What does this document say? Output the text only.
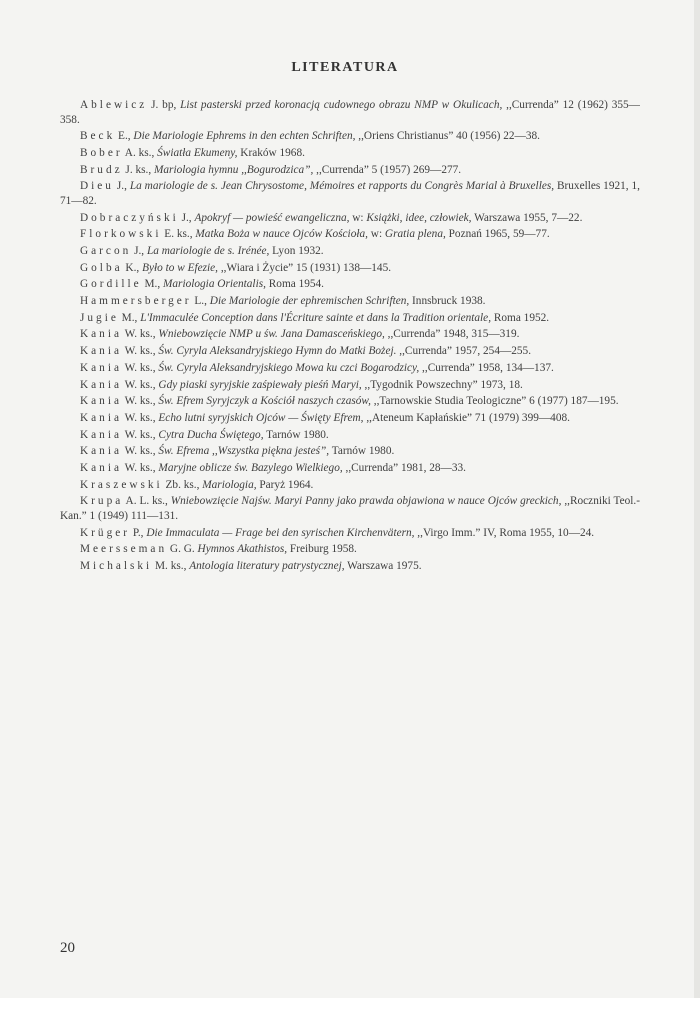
LITERATURA

Ablewicz J. bp, List pasterski przed koronacją cudownego obrazu NMP w Okulicach, ,,Currenda” 12 (1962) 355—358.

Beck E., Die Mariologie Ephrems in den echten Schriften, ,,Oriens Christianus” 40 (1956) 22—38.

Bober A. ks., Światła Ekumeny, Kraków 1968.

Brudz J. ks., Mariologia hymnu ,,Bogurodzica”, ,,Currenda” 5 (1957) 269—277.

Dieu J., La mariologie de s. Jean Chrysostome, Mémoires et rapports du Congrès Marial à Bruxelles, Bruxelles 1921, 1, 71—82.

Dobraczyński J., Apokryf — powieść ewangeliczna, w: Książki, idee, człowiek, Warszawa 1955, 7—22.

Florkowski E. ks., Matka Boża w nauce Ojców Kościoła, w: Gratia plena, Poznań 1965, 59—77.

Garcon J., La mariologie de s. Irénée, Lyon 1932.

Golba K., Było to w Efezie, ,,Wiara i Życie” 15 (1931) 138—145.

Gordille M., Mariologia Orientalis, Roma 1954.

Hammersberger L., Die Mariologie der ephremischen Schriften, Innsbruck 1938.

Jugie M., L'Immaculée Conception dans l'Écriture sainte et dans la Tradition orientale, Roma 1952.

Kania W. ks., Wniebowzięcie NMP u św. Jana Damasceńskiego, ,,Currenda” 1948, 315—319.

Kania W. ks., Św. Cyryla Aleksandryjskiego Hymn do Matki Bożej. ,,Currenda” 1957, 254—255.

Kania W. ks., Św. Cyryla Aleksandryjskiego Mowa ku czci Bogarodzicy, ,,Currenda” 1958, 134—137.

Kania W. ks., Gdy piaski syryjskie zaśpiewały pieśń Maryi, ,,Tygodnik Powszechny” 1973, 18.

Kania W. ks., Św. Efrem Syryjczyk a Kościół naszych czasów, ,,Tarnowskie Studia Teologiczne” 6 (1977) 187—195.

Kania W. ks., Echo lutni syryjskich Ojców — Święty Efrem, ,,Ateneum Kapłańskie” 71 (1979) 399—408.

Kania W. ks., Cytra Ducha Świętego, Tarnów 1980.

Kania W. ks., Św. Efrema ,,Wszystka piękna jesteś”, Tarnów 1980.

Kania W. ks., Maryjne oblicze św. Bazylego Wielkiego, ,,Currenda” 1981, 28—33.

Kraszewski Zb. ks., Mariologia, Paryż 1964.

Krupa A. L. ks., Wniebowzięcie Najśw. Maryi Panny jako prawda objawiona w nauce Ojców greckich, ,,Roczniki Teol.-Kan.” 1 (1949) 111—131.

Krüger P., Die Immaculata — Frage bei den syrischen Kirchenvätern, ,,Virgo Imm.” IV, Roma 1955, 10—24.

Meersseman G. G. Hymnos Akathistos, Freiburg 1958.

Michalski M. ks., Antologia literatury patrystycznej, Warszawa 1975.

20
